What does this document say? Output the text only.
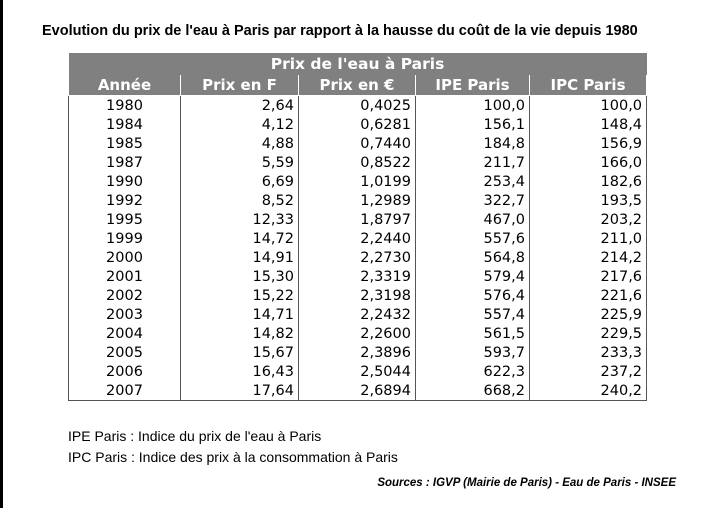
Evolution du prix de l'eau à Paris par rapport à la hausse du coût de la vie depuis 1980
Prix de l'eau à Paris				
Année	Prix en F	Prix en €	IPE Paris	IPC Paris
1980	2,64	0,4025	100,0	100,0
1984	4,12	0,6281	156,1	148,4
1985	4,88	0,7440	184,8	156,9
1987	5,59	0,8522	211,7	166,0
1990	6,69	1,0199	253,4	182,6
1992	8,52	1,2989	322,7	193,5
1995	12,33	1,8797	467,0	203,2
1999	14,72	2,2440	557,6	211,0
2000	14,91	2,2730	564,8	214,2
2001	15,30	2,3319	579,4	217,6
2002	15,22	2,3198	576,4	221,6
2003	14,71	2,2432	557,4	225,9
2004	14,82	2,2600	561,5	229,5
2005	15,67	2,3896	593,7	233,3
2006	16,43	2,5044	622,3	237,2
2007	17,64	2,6894	668,2	240,2
IPE Paris : Indice du prix de l'eau à Paris
IPC Paris : Indice des prix à la consommation à Paris
Sources : IGVP (Mairie de Paris) - Eau de Paris - INSEE
